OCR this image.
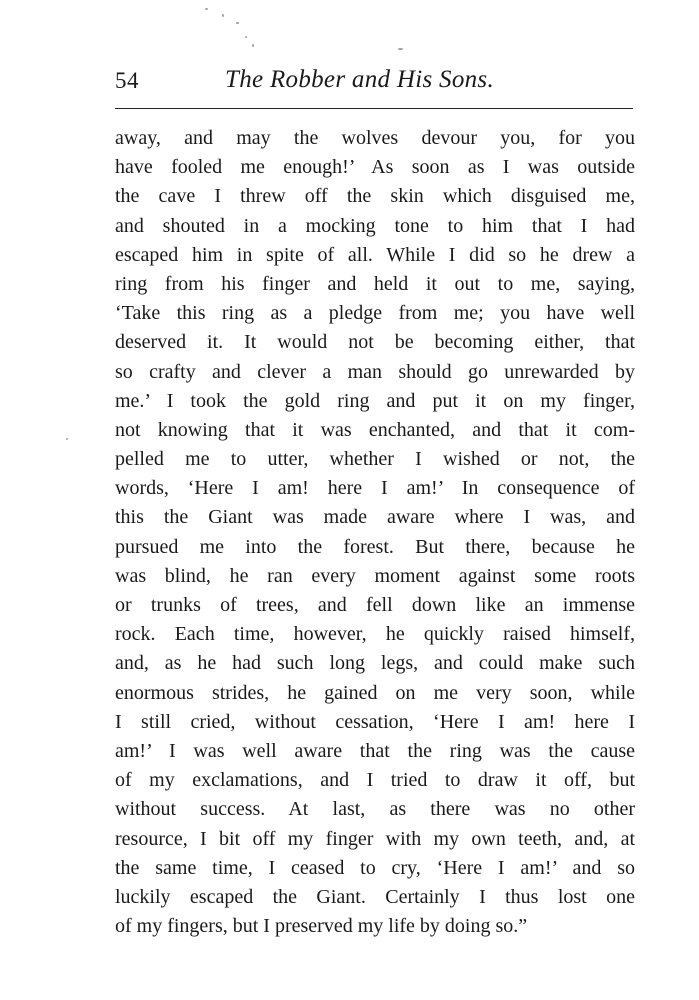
54	The Robber and His Sons.
away, and may the wolves devour you, for you
have fooled me enough!’ As soon as I was outside
the cave I threw off the skin which disguised me,
and shouted in a mocking tone to him that I had
escaped him in spite of all. While I did so he drew a
ring from his finger and held it out to me, saying,
‘Take this ring as a pledge from me; you have well
deserved it. It would not be becoming either, that
so crafty and clever a man should go unrewarded by
me.’ I took the gold ring and put it on my finger,
not knowing that it was enchanted, and that it com-
pelled me to utter, whether I wished or not, the
words, ‘Here I am! here I am!’ In consequence of
this the Giant was made aware where I was, and
pursued me into the forest. But there, because he
was blind, he ran every moment against some roots
or trunks of trees, and fell down like an immense
rock. Each time, however, he quickly raised himself,
and, as he had such long legs, and could make such
enormous strides, he gained on me very soon, while
I still cried, without cessation, ‘Here I am! here I
am!’ I was well aware that the ring was the cause
of my exclamations, and I tried to draw it off, but
without success. At last, as there was no other
resource, I bit off my finger with my own teeth, and, at
the same time, I ceased to cry, ‘Here I am!’ and so
luckily escaped the Giant. Certainly I thus lost one
of my fingers, but I preserved my life by doing so.”
